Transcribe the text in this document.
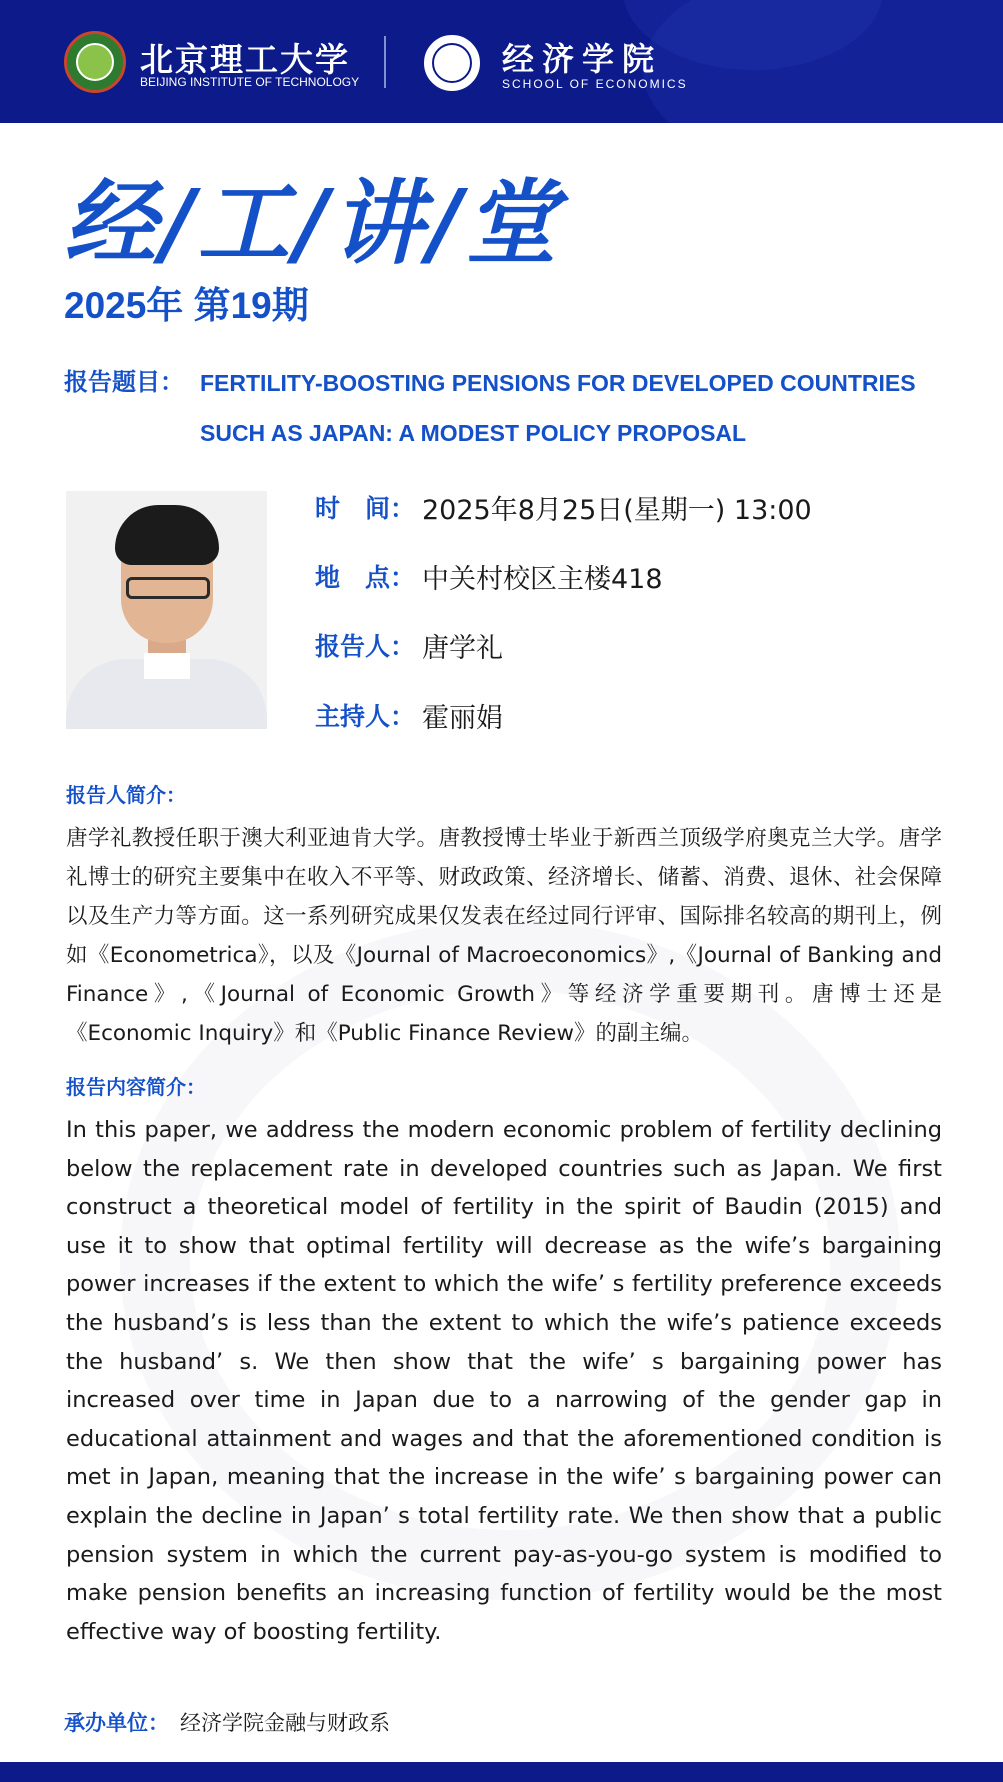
北京理工大学
BEIJING INSTITUTE OF TECHNOLOGY
经济学院
SCHOOL OF ECONOMICS
经/工/讲/堂
2025年 第19期
报告题目： FERTILITY-BOOSTING PENSIONS FOR DEVELOPED COUNTRIES SUCH AS JAPAN: A MODEST POLICY PROPOSAL
时　间： 2025年8月25日(星期一) 13:00
地　点： 中关村校区主楼418
报告人： 唐学礼
主持人： 霍丽娟
报告人简介：
唐学礼教授任职于澳大利亚迪肯大学。唐教授博士毕业于新西兰顶级学府奥克兰大学。唐学礼博士的研究主要集中在收入不平等、财政政策、经济增长、储蓄、消费、退休、社会保障以及生产力等方面。这一系列研究成果仅发表在经过同行评审、国际排名较高的期刊上，例如《Econometrica》，以及《Journal of Macroeconomics》,《Journal of Banking and Finance》,《Journal of Economic Growth》等经济学重要期刊。唐博士还是《Economic Inquiry》和《Public Finance Review》的副主编。
报告内容简介：
In this paper, we address the modern economic problem of fertility declining below the replacement rate in developed countries such as Japan. We first construct a theoretical model of fertility in the spirit of Baudin (2015) and use it to show that optimal fertility will decrease as the wife’s bargaining power increases if the extent to which the wife’ s fertility preference exceeds the husband’s is less than the extent to which the wife’s patience exceeds the husband’ s. We then show that the wife’ s bargaining power has increased over time in Japan due to a narrowing of the gender gap in educational attainment and wages and that the aforementioned condition is met in Japan, meaning that the increase in the wife’ s bargaining power can explain the decline in Japan’ s total fertility rate. We then show that a public pension system in which the current pay-as-you-go system is modified to make pension benefits an increasing function of fertility would be the most effective way of boosting fertility.
承办单位： 经济学院金融与财政系
